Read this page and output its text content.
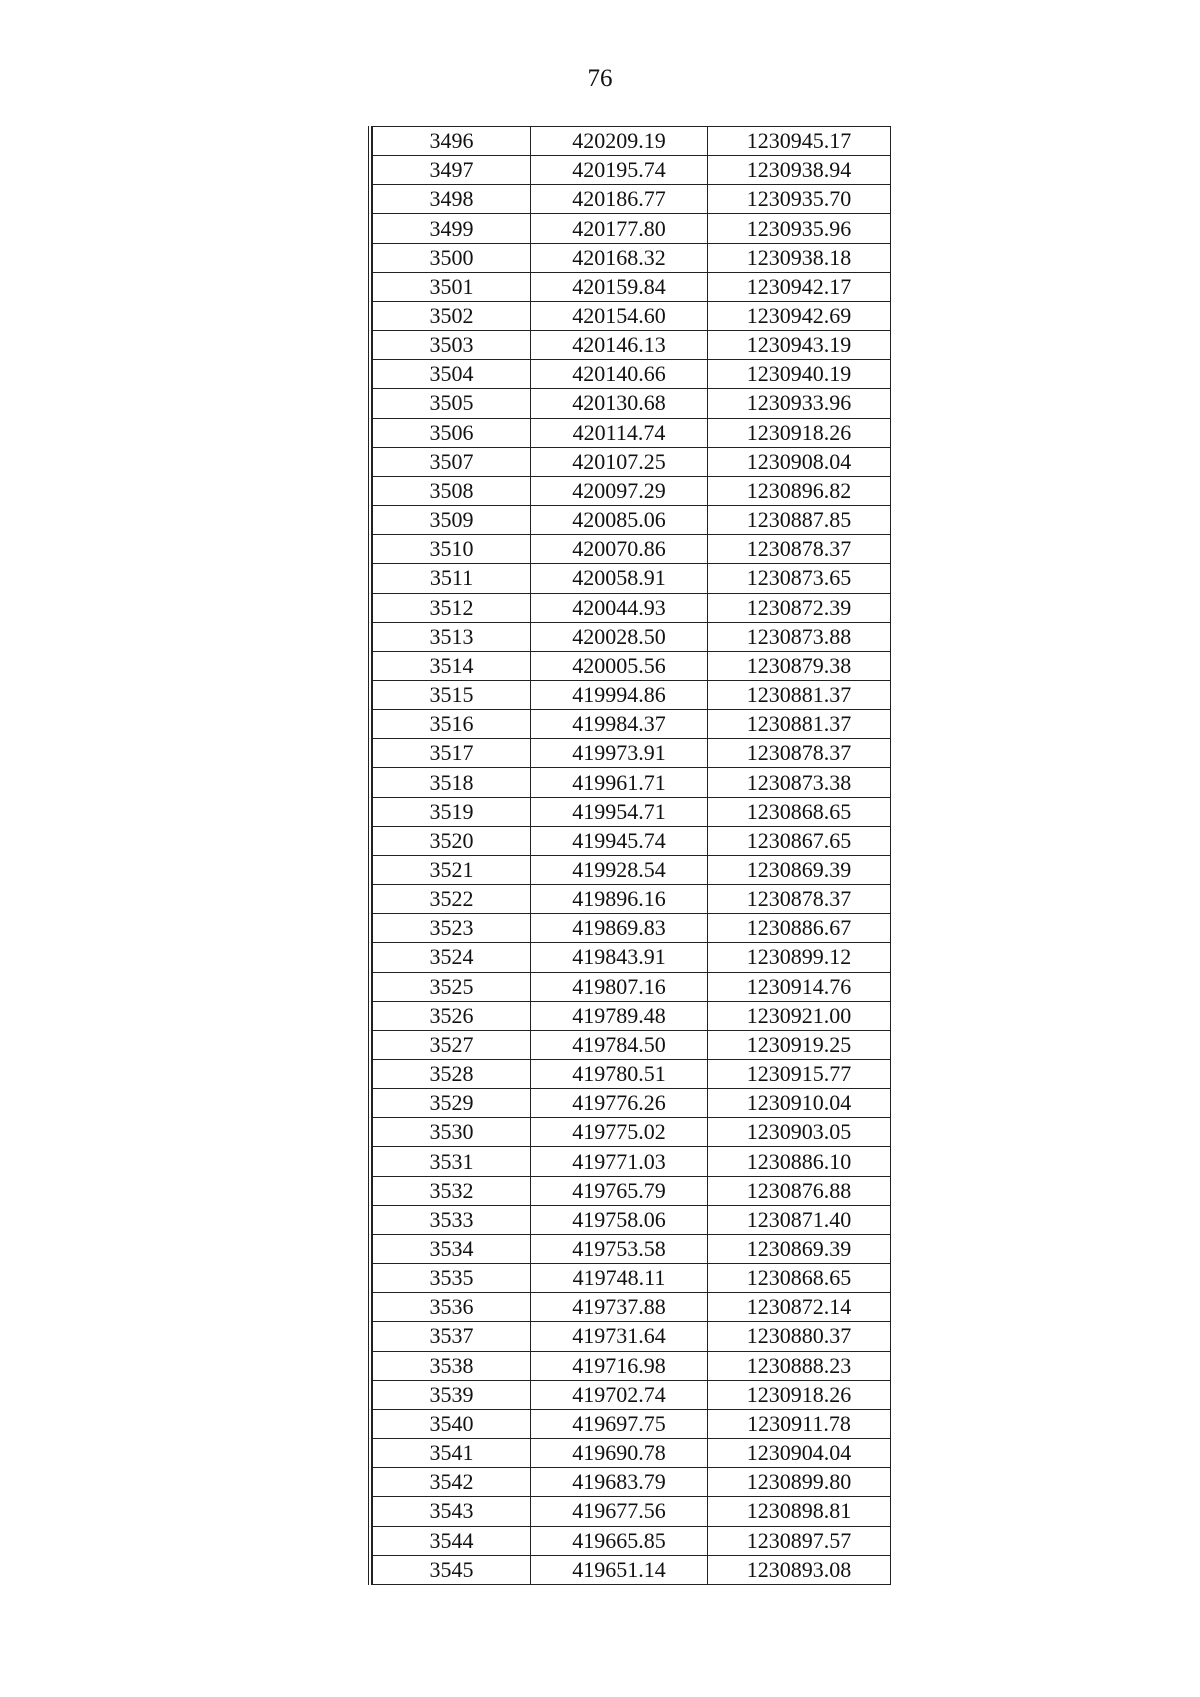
76
3496	420209.19	1230945.17
3497	420195.74	1230938.94
3498	420186.77	1230935.70
3499	420177.80	1230935.96
3500	420168.32	1230938.18
3501	420159.84	1230942.17
3502	420154.60	1230942.69
3503	420146.13	1230943.19
3504	420140.66	1230940.19
3505	420130.68	1230933.96
3506	420114.74	1230918.26
3507	420107.25	1230908.04
3508	420097.29	1230896.82
3509	420085.06	1230887.85
3510	420070.86	1230878.37
3511	420058.91	1230873.65
3512	420044.93	1230872.39
3513	420028.50	1230873.88
3514	420005.56	1230879.38
3515	419994.86	1230881.37
3516	419984.37	1230881.37
3517	419973.91	1230878.37
3518	419961.71	1230873.38
3519	419954.71	1230868.65
3520	419945.74	1230867.65
3521	419928.54	1230869.39
3522	419896.16	1230878.37
3523	419869.83	1230886.67
3524	419843.91	1230899.12
3525	419807.16	1230914.76
3526	419789.48	1230921.00
3527	419784.50	1230919.25
3528	419780.51	1230915.77
3529	419776.26	1230910.04
3530	419775.02	1230903.05
3531	419771.03	1230886.10
3532	419765.79	1230876.88
3533	419758.06	1230871.40
3534	419753.58	1230869.39
3535	419748.11	1230868.65
3536	419737.88	1230872.14
3537	419731.64	1230880.37
3538	419716.98	1230888.23
3539	419702.74	1230918.26
3540	419697.75	1230911.78
3541	419690.78	1230904.04
3542	419683.79	1230899.80
3543	419677.56	1230898.81
3544	419665.85	1230897.57
3545	419651.14	1230893.08
